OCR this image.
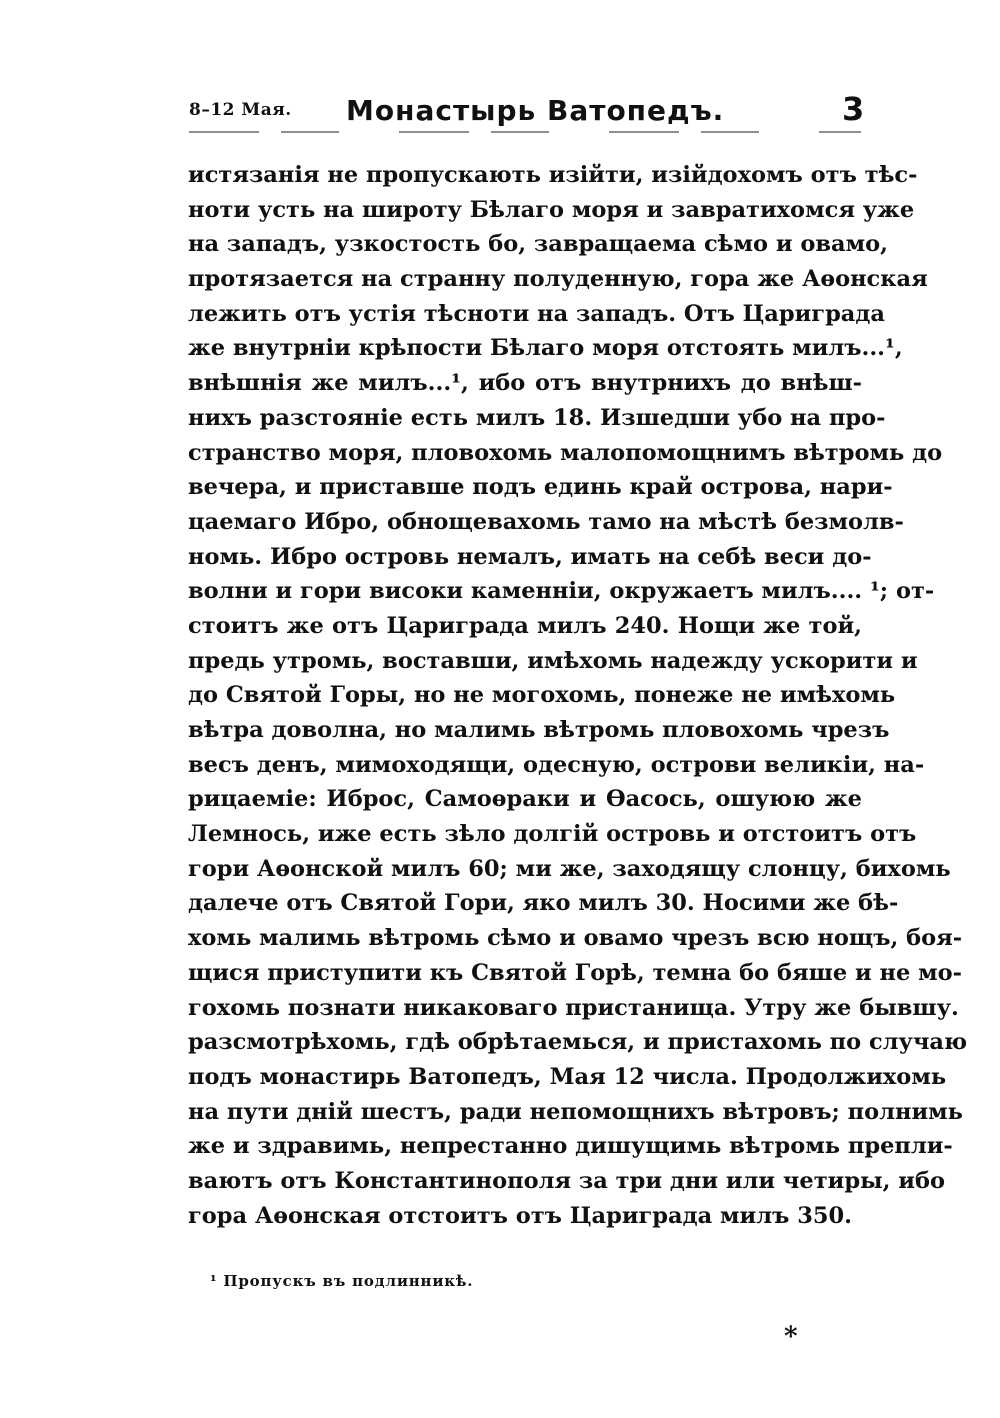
8–12 Мая. Монастырь Ватопедъ.	3
истязанія не пропускають изійти, изійдохомъ отъ тѣс-
ноти усть на широту Бѣлаго моря и завратихомся уже
на западъ, узкостость бо, завращаема сѣмо и овамо,
протязается на странну полуденную, гора же Аѳонская
лежить отъ устія тѣсноти на западъ. Отъ Цариграда
же внутрніи крѣпости Бѣлаго моря отстоять милъ...¹,
внѣшнія же милъ...¹, ибо отъ внутрнихъ до внѣш-
нихъ разстояніе есть милъ 18. Изшедши убо на про-
странство моря, пловохомь малопомощнимъ вѣтромь до
вечера, и приставше подъ единь край острова, нари-
цаемаго Ибро, обнощевахомь тамо на мѣстѣ безмолв-
номь. Ибро островь немалъ, имать на себѣ веси до-
волни и гори високи каменніи, окружаетъ милъ.... ¹; от-
стоитъ же отъ Цариграда милъ 240. Нощи же той,
предь утромь, воставши, имѣхомь надежду ускорити и
до Святой Горы, но не могохомь, понеже не имѣхомь
вѣтра доволна, но малимь вѣтромь пловохомь чрезъ
весъ денъ, мимоходящи, одесную, острови великіи, на-
рицаеміе: Иброс, Самоѳраки и Ѳасось, ошуюю же
Лемнось, иже есть зѣло долгій островь и отстоитъ отъ
гори Аѳонской милъ 60; ми же, заходящу слонцу, бихомь
далече отъ Святой Гори, яко милъ 30. Носими же бѣ-
хомь малимь вѣтромь сѣмо и овамо чрезъ всю нощъ, боя-
щися приступити къ Святой Горѣ, темна бо бяше и не мо-
гохомь познати никаковаго пристанища. Утру же бывшу.
разсмотрѣхомь, гдѣ обрѣтаемься, и пристахомь по случаю
подъ монастирь Ватопедъ, Мая 12 числа. Продолжихомь
на пути днiй шестъ, ради непомощнихъ вѣтровъ; полнимь
же и здравимь, непрестанно дишущимь вѣтромь препли-
ваютъ отъ Константинополя за три дни или четиры, ибо
гора Аѳонская отстоитъ отъ Цариграда милъ 350.
¹ Пропускъ въ подлинникѣ.
*
